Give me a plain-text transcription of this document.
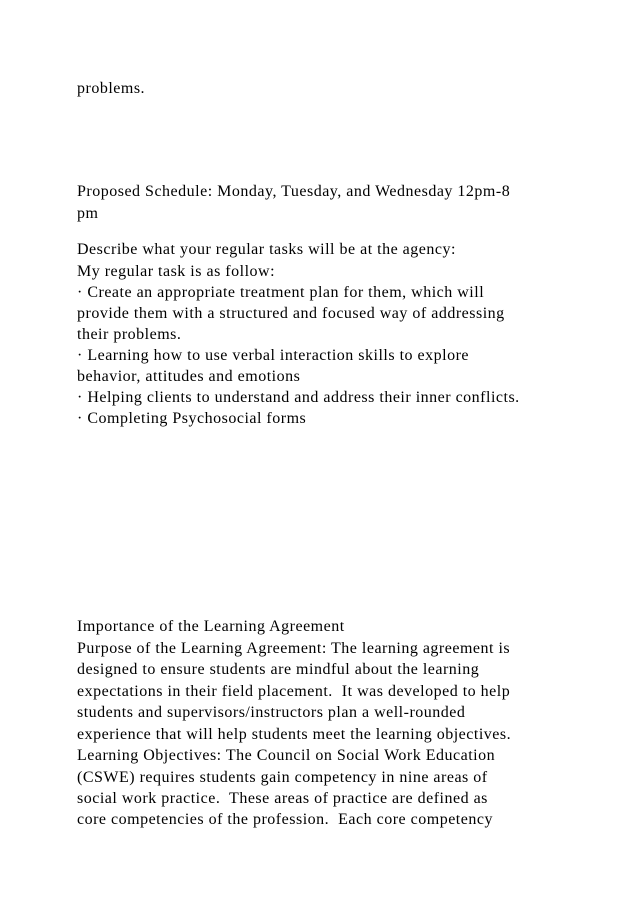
problems.

Proposed Schedule: Monday, Tuesday, and Wednesday 12pm-8

pm

Describe what your regular tasks will be at the agency:

My regular task is as follow:

· Create an appropriate treatment plan for them, which will

provide them with a structured and focused way of addressing

their problems.

· Learning how to use verbal interaction skills to explore

behavior, attitudes and emotions

· Helping clients to understand and address their inner conflicts.

· Completing Psychosocial forms

Importance of the Learning Agreement

Purpose of the Learning Agreement: The learning agreement is

designed to ensure students are mindful about the learning

expectations in their field placement.  It was developed to help

students and supervisors/instructors plan a well-rounded

experience that will help students meet the learning objectives.

Learning Objectives: The Council on Social Work Education

(CSWE) requires students gain competency in nine areas of

social work practice.  These areas of practice are defined as

core competencies of the profession.  Each core competency
